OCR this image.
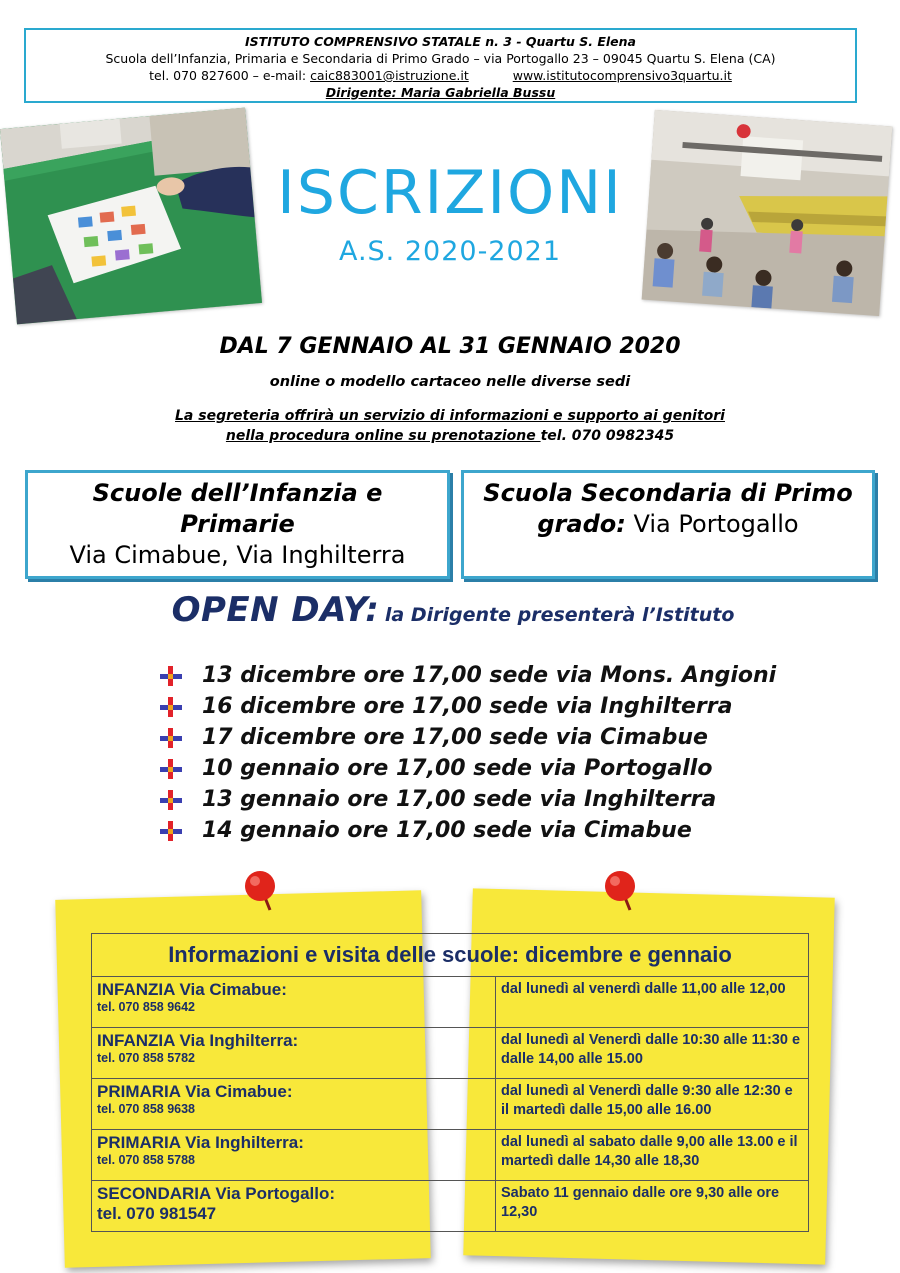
ISTITUTO COMPRENSIVO STATALE n. 3 - Quartu S. Elena
Scuola dell’Infanzia, Primaria e Secondaria di Primo Grado – via Portogallo 23 – 09045 Quartu S. Elena (CA)
tel. 070 827600 – e-mail: caic883001@istruzione.it	www.istitutocomprensivo3quartu.it
Dirigente: Maria Gabriella Bussu
ISCRIZIONI
A.S. 2020-2021
DAL 7 GENNAIO AL 31 GENNAIO 2020
online o modello cartaceo nelle diverse sedi
La segreteria offrirà un servizio di informazioni e supporto ai genitori
nella procedura online su prenotazione tel. 070 0982345
Scuole dell’Infanzia e
Primarie
Via Cimabue, Via Inghilterra
Scuola Secondaria di Primo
grado: Via Portogallo
OPEN DAY: la Dirigente presenterà l’Istituto
13 dicembre ore 17,00 sede via Mons. Angioni
16 dicembre ore 17,00 sede via Inghilterra
17 dicembre ore 17,00 sede via Cimabue
10 gennaio ore 17,00 sede via Portogallo
13 gennaio ore 17,00 sede via Inghilterra
14 gennaio ore 17,00 sede via Cimabue
Informazioni e visita delle scuole: dicembre e gennaio	

INFANZIA Via Cimabue:
tel. 070 858 9642	dal lunedì al venerdì dalle 11,00 alle 12,00

INFANZIA Via Inghilterra:
tel. 070 858 5782	dal lunedì al Venerdì dalle 10:30 alle 11:30 e dalle 14,00 alle 15.00

PRIMARIA Via Cimabue:
tel. 070 858 9638	dal lunedì al Venerdì dalle 9:30 alle 12:30 e il martedì dalle 15,00 alle 16.00

PRIMARIA Via Inghilterra:
tel. 070 858 5788	dal lunedì al sabato dalle 9,00 alle 13.00 e il martedì dalle 14,30 alle 18,30

SECONDARIA Via Portogallo:
tel. 070 981547	Sabato 11 gennaio dalle ore 9,30 alle ore 12,30
